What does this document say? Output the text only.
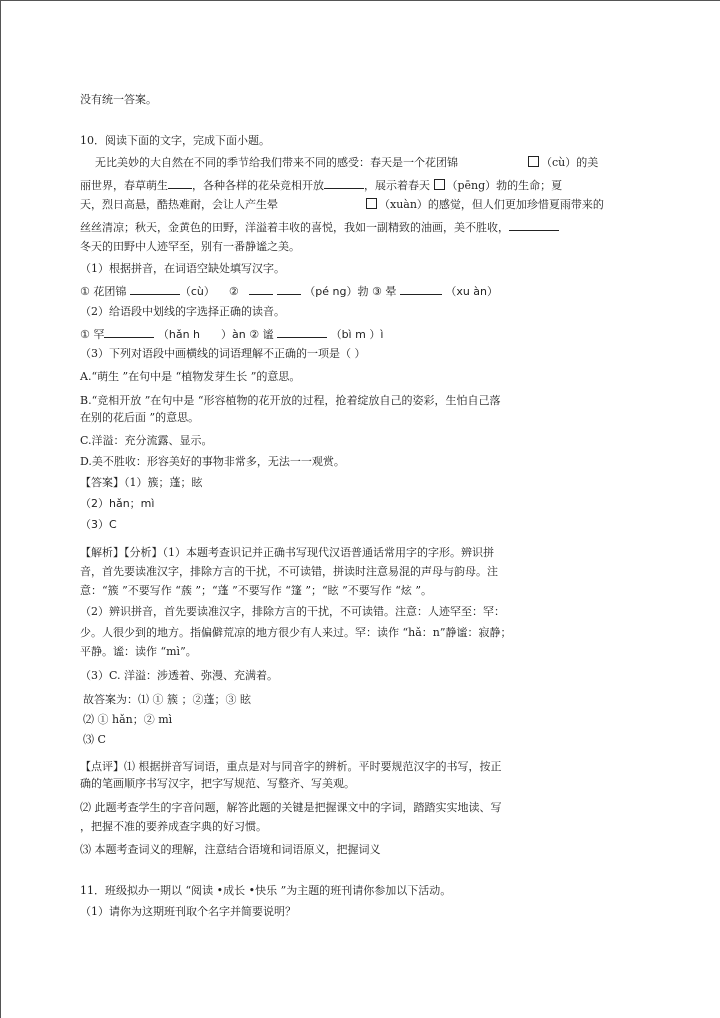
没有统一答案。
10．阅读下面的文字，完成下面小题。
无比美妙的大自然在不同的季节给我们带来不同的感受：春天是一个花团锦	（cù）的美
丽世界，春草萌生 ，各种各样的花朵竞相开放	，展示着春天 （pēng）勃的生命；夏
天，烈日高悬，酷热难耐，会让人产生晕	（xuàn）的感觉，但人们更加珍惜夏雨带来的
丝丝清凉；秋天，金黄色的田野，洋溢着丰收的喜悦，我如一副精致的油画，美不胜收，
冬天的田野中人迹罕至，别有一番静谧之美。
（1）根据拼音，在词语空缺处填写汉字。
① 花团锦	（cù） ②	（pé ng）勃 ③ 晕	（xu àn）
（2）给语段中划线的字选择正确的读音。
① 罕	（hǎn h ）àn ② 谧	（bì m ）ì
（3）下列对语段中画横线的词语理解不正确的一项是（ ）
A.“萌生 ”在句中是 “植物发芽生长 ”的意思。
B.“竞相开放 ”在句中是 “形容植物的花开放的过程，抢着绽放自己的姿彩，生怕自己落
在别的花后面 ”的意思。
C.洋溢：充分流露、显示。
D.美不胜收：形容美好的事物非常多，无法一一观赏。
【答案】（1）簇；蓬；眩
（2）hǎn；mì
（3）C
【解析】【分析】（1）本题考查识记并正确书写现代汉语普通话常用字的字形。辨识拼
音，首先要读准汉字，排除方言的干扰，不可读错，拼读时注意易混的声母与韵母。注
意：“簇 ”不要写作 “蔟 ”；“蓬 ”不要写作 “篷 ”；“眩 ”不要写作 “炫 ”。
（2）辨识拼音，首先要读准汉字，排除方言的干扰，不可读错。注意：人迹罕至：罕：
少。人很少到的地方。指偏僻荒凉的地方很少有人来过。罕：读作 “hǎ：n”静谧：寂静；
平静。谧：读作 “mì”。
（3）C. 洋溢：涉透着、弥漫、充满着。
故答案为：⑴ ① 簇 ；②蓬；③ 眩
⑵ ① hǎn；② mì
⑶ C
【点评】⑴ 根据拼音写词语，重点是对与同音字的辨析。平时要规范汉字的书写，按正
确的笔画顺序书写汉字，把字写规范、写整齐、写美观。
⑵ 此题考查学生的字音问题，解答此题的关键是把握课文中的字词，踏踏实实地读、写
，把握不准的要养成查字典的好习惯。
⑶ 本题考查词义的理解，注意结合语境和词语原义，把握词义
11．班级拟办一期以 “阅读 •成长 •快乐 ”为主题的班刊请你参加以下活动。
（1）请你为这期班刊取个名字并简要说明？
